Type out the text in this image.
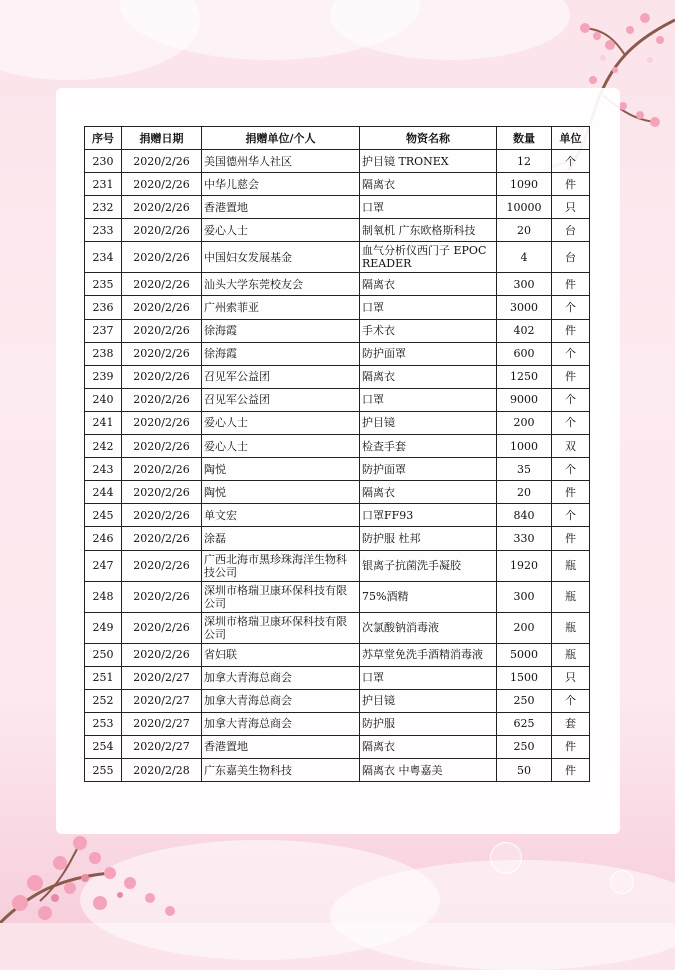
序号	捐赠日期	捐赠单位/个人	物资名称	数量	单位
230	2020/2/26	美国德州华人社区	护目镜 TRONEX	12	个
231	2020/2/26	中华儿慈会	隔离衣	1090	件
232	2020/2/26	香港置地	口罩	10000	只
233	2020/2/26	爱心人士	制氧机 广东欧格斯科技	20	台
234	2020/2/26	中国妇女发展基金	血气分析仪西门子 EPOC READER	4	台
235	2020/2/26	汕头大学东莞校友会	隔离衣	300	件
236	2020/2/26	广州索菲亚	口罩	3000	个
237	2020/2/26	徐海霞	手术衣	402	件
238	2020/2/26	徐海霞	防护面罩	600	个
239	2020/2/26	召见军公益团	隔离衣	1250	件
240	2020/2/26	召见军公益团	口罩	9000	个
241	2020/2/26	爱心人士	护目镜	200	个
242	2020/2/26	爱心人士	检查手套	1000	双
243	2020/2/26	陶悦	防护面罩	35	个
244	2020/2/26	陶悦	隔离衣	20	件
245	2020/2/26	单文宏	口罩FF93	840	个
246	2020/2/26	涂磊	防护服 杜邦	330	件
247	2020/2/26	广西北海市黑珍珠海洋生物科技公司	银离子抗菌洗手凝胶	1920	瓶
248	2020/2/26	深圳市格瑞卫康环保科技有限公司	75%酒精	300	瓶
249	2020/2/26	深圳市格瑞卫康环保科技有限公司	次氯酸钠消毒液	200	瓶
250	2020/2/26	省妇联	苏草堂免洗手酒精消毒液	5000	瓶
251	2020/2/27	加拿大青海总商会	口罩	1500	只
252	2020/2/27	加拿大青海总商会	护目镜	250	个
253	2020/2/27	加拿大青海总商会	防护服	625	套
254	2020/2/27	香港置地	隔离衣	250	件
255	2020/2/28	广东嘉美生物科技	隔离衣 中粤嘉美	50	件
